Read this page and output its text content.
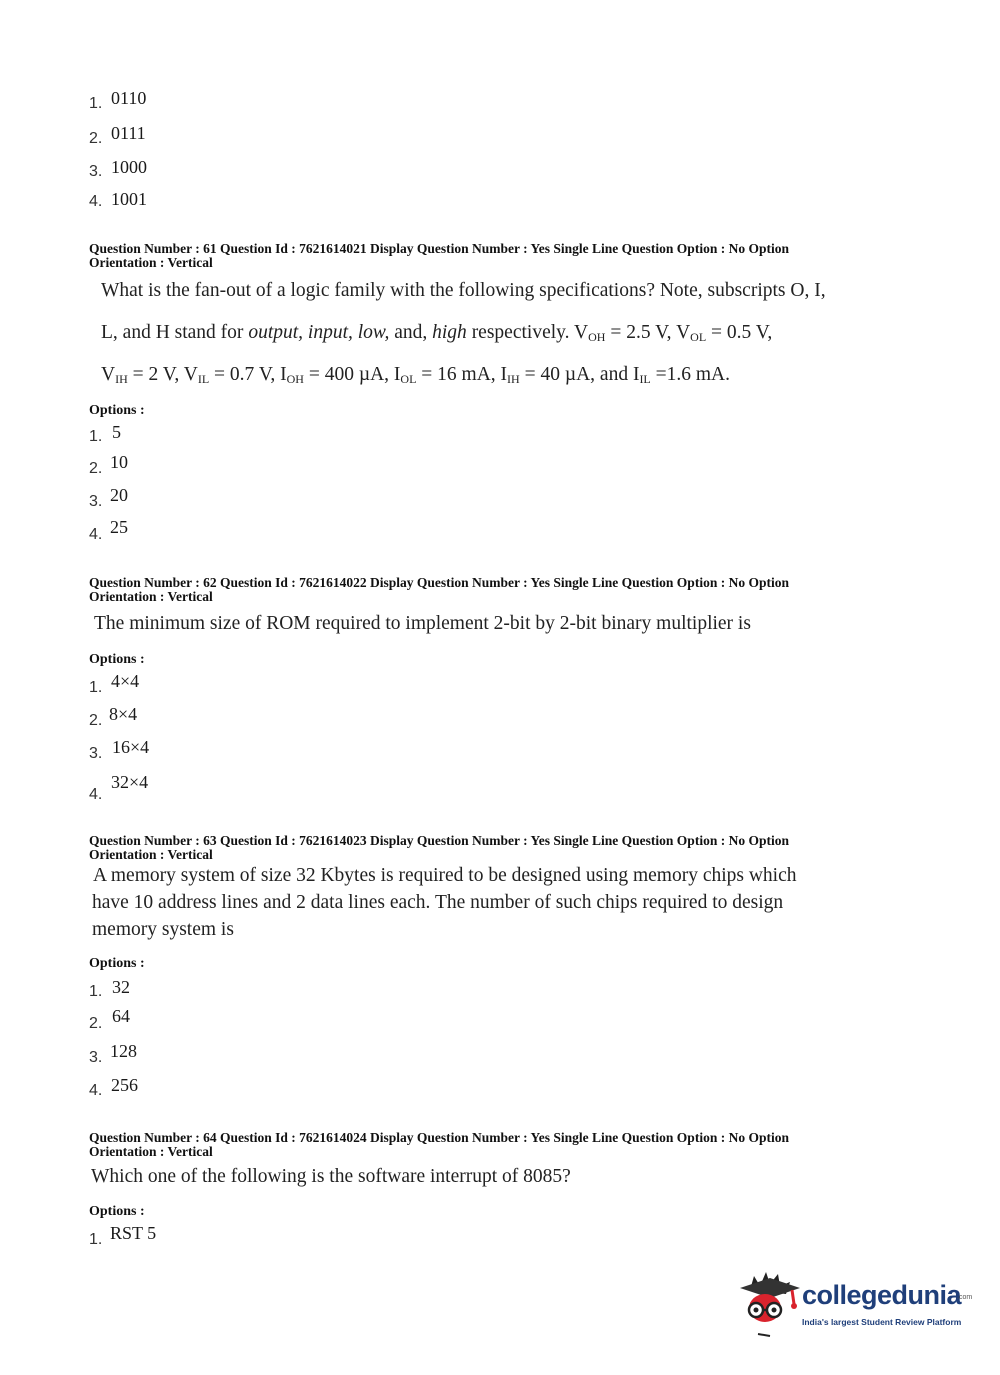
1. 0110
2. 0111
3. 1000
4. 1001
Question Number : 61 Question Id : 7621614021 Display Question Number : Yes Single Line Question Option : No Option
Orientation : Vertical
What is the fan-out of a logic family with the following specifications? Note, subscripts O, I,
L, and H stand for output, input, low, and, high respectively. $V_{OH} = 2.5$ V, $V_{OL} = 0.5$ V,
$V_{IH} = 2$ V, $V_{IL} = 0.7$ V, $I_{OH} = 400$ µA, $I_{OL} = 16$ mA, $I_{IH} = 40$ µA, and $I_{IL} =1.6$ mA.
Options :
1. 5
2. 10
3. 20
4. 25
Question Number : 62 Question Id : 7621614022 Display Question Number : Yes Single Line Question Option : No Option
Orientation : Vertical
The minimum size of ROM required to implement 2-bit by 2-bit binary multiplier is
Options :
1. 4×4
2. 8×4
3. 16×4
4.
32×4
Question Number : 63 Question Id : 7621614023 Display Question Number : Yes Single Line Question Option : No Option
Orientation : Vertical
A memory system of size 32 Kbytes is required to be designed using memory chips which
have 10 address lines and 2 data lines each. The number of such chips required to design
memory system is
Options :
1. 32
2. 64
3. 128
4. 256
Question Number : 64 Question Id : 7621614024 Display Question Number : Yes Single Line Question Option : No Option
Orientation : Vertical
Which one of the following is the software interrupt of 8085?
Options :
1. RST 5
collegedunia
.com
India's largest Student Review Platform
